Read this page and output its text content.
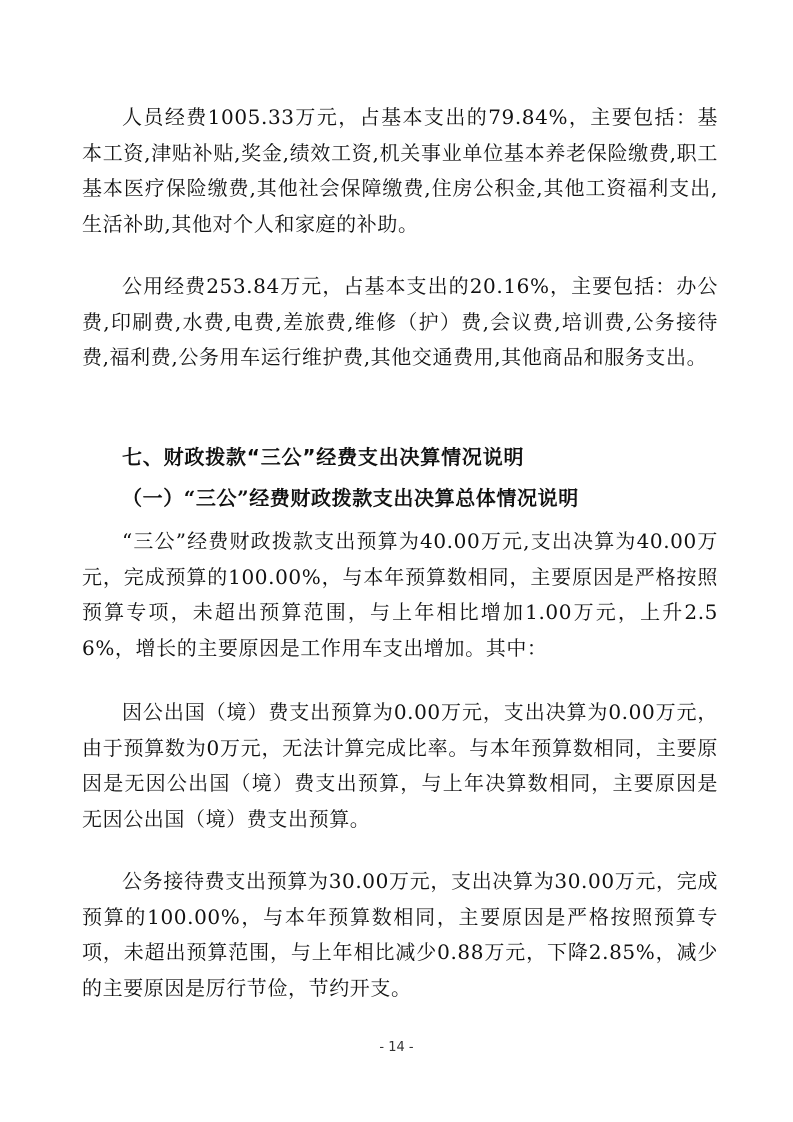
人员经费1005.33万元，占基本支出的79.84%，主要包括：基本工资,津贴补贴,奖金,绩效工资,机关事业单位基本养老保险缴费,职工基本医疗保险缴费,其他社会保障缴费,住房公积金,其他工资福利支出,生活补助,其他对个人和家庭的补助。

公用经费253.84万元，占基本支出的20.16%，主要包括：办公费,印刷费,水费,电费,差旅费,维修（护）费,会议费,培训费,公务接待费,福利费,公务用车运行维护费,其他交通费用,其他商品和服务支出。

七、财政拨款“三公”经费支出决算情况说明
（一）“三公”经费财政拨款支出决算总体情况说明

“三公”经费财政拨款支出预算为40.00万元,支出决算为40.00万元，完成预算的100.00%，与本年预算数相同，主要原因是严格按照预算专项，未超出预算范围，与上年相比增加1.00万元，上升2.56%，增长的主要原因是工作用车支出增加。其中：

因公出国（境）费支出预算为0.00万元，支出决算为0.00万元，由于预算数为0万元，无法计算完成比率。与本年预算数相同，主要原因是无因公出国（境）费支出预算，与上年决算数相同，主要原因是无因公出国（境）费支出预算。

公务接待费支出预算为30.00万元，支出决算为30.00万元，完成预算的100.00%，与本年预算数相同，主要原因是严格按照预算专项，未超出预算范围，与上年相比减少0.88万元，下降2.85%，减少的主要原因是厉行节俭，节约开支。

- 14 -
